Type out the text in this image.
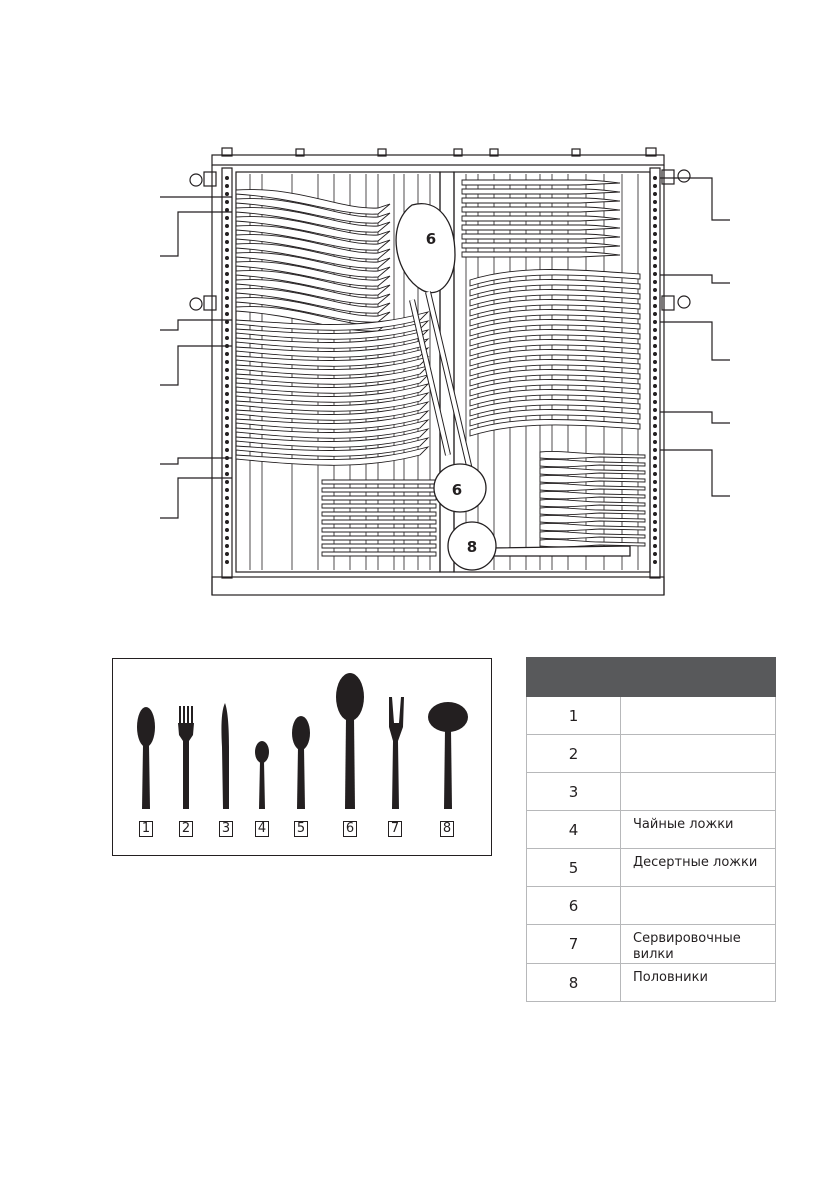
6
6
8
1 2 3 4 5	6	7	8

1	
2	
3	
4	Чайные ложки
5	Десертные ложки
6	
7	Сервировочные вилки
8	Половники
